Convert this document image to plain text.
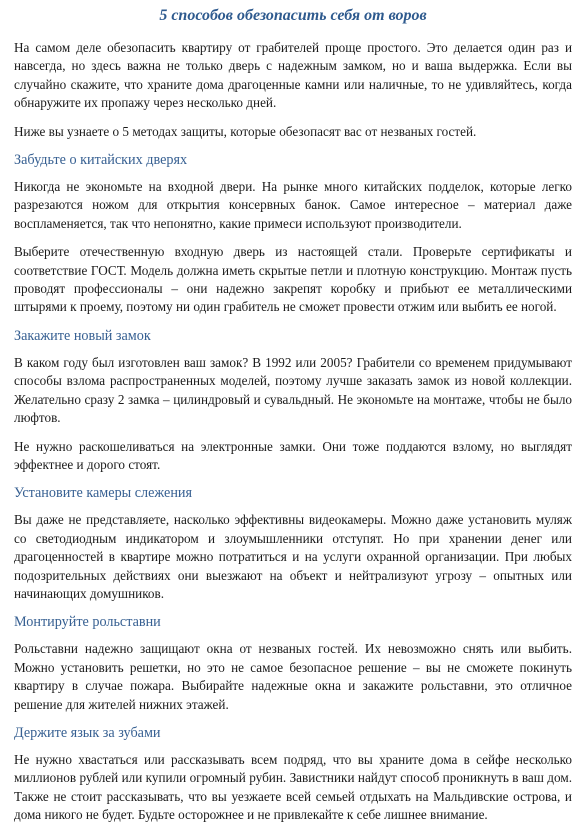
5 способов обезопасить себя от воров

На самом деле обезопасить квартиру от грабителей проще простого. Это делается один раз и навсегда, но здесь важна не только дверь с надежным замком, но и ваша выдержка. Если вы случайно скажите, что храните дома драгоценные камни или наличные, то не удивляйтесь, когда обнаружите их пропажу через несколько дней.

Ниже вы узнаете о 5 методах защиты, которые обезопасят вас от незваных гостей.

Забудьте о китайских дверях

Никогда не экономьте на входной двери. На рынке много китайских подделок, которые легко разрезаются ножом для открытия консервных банок. Самое интересное – материал даже воспламеняется, так что непонятно, какие примеси используют производители.

Выберите отечественную входную дверь из настоящей стали. Проверьте сертификаты и соответствие ГОСТ. Модель должна иметь скрытые петли и плотную конструкцию. Монтаж пусть проводят профессионалы – они надежно закрепят коробку и прибьют ее металлическими штырями к проему, поэтому ни один грабитель не сможет провести отжим или выбить ее ногой.

Закажите новый замок

В каком году был изготовлен ваш замок? В 1992 или 2005? Грабители со временем придумывают способы взлома распространенных моделей, поэтому лучше заказать замок из новой коллекции. Желательно сразу 2 замка – цилиндровый и сувальдный. Не экономьте на монтаже, чтобы не было люфтов.

Не нужно раскошеливаться на электронные замки. Они тоже поддаются взлому, но выглядят эффектнее и дорого стоят.

Установите камеры слежения

Вы даже не представляете, насколько эффективны видеокамеры. Можно даже установить муляж со светодиодным индикатором и злоумышленники отступят. Но при хранении денег или драгоценностей в квартире можно потратиться и на услуги охранной организации. При любых подозрительных действиях они выезжают на объект и нейтрализуют угрозу – опытных или начинающих домушников.

Монтируйте рольставни

Рольставни надежно защищают окна от незваных гостей. Их невозможно снять или выбить. Можно установить решетки, но это не самое безопасное решение – вы не сможете покинуть квартиру в случае пожара. Выбирайте надежные окна и закажите рольставни, это отличное решение для жителей нижних этажей.

Держите язык за зубами

Не нужно хвастаться или рассказывать всем подряд, что вы храните дома в сейфе несколько миллионов рублей или купили огромный рубин. Завистники найдут способ проникнуть в ваш дом. Также не стоит рассказывать, что вы уезжаете всей семьей отдыхать на Мальдивские острова, и дома никого не будет. Будьте осторожнее и не привлекайте к себе лишнее внимание.
